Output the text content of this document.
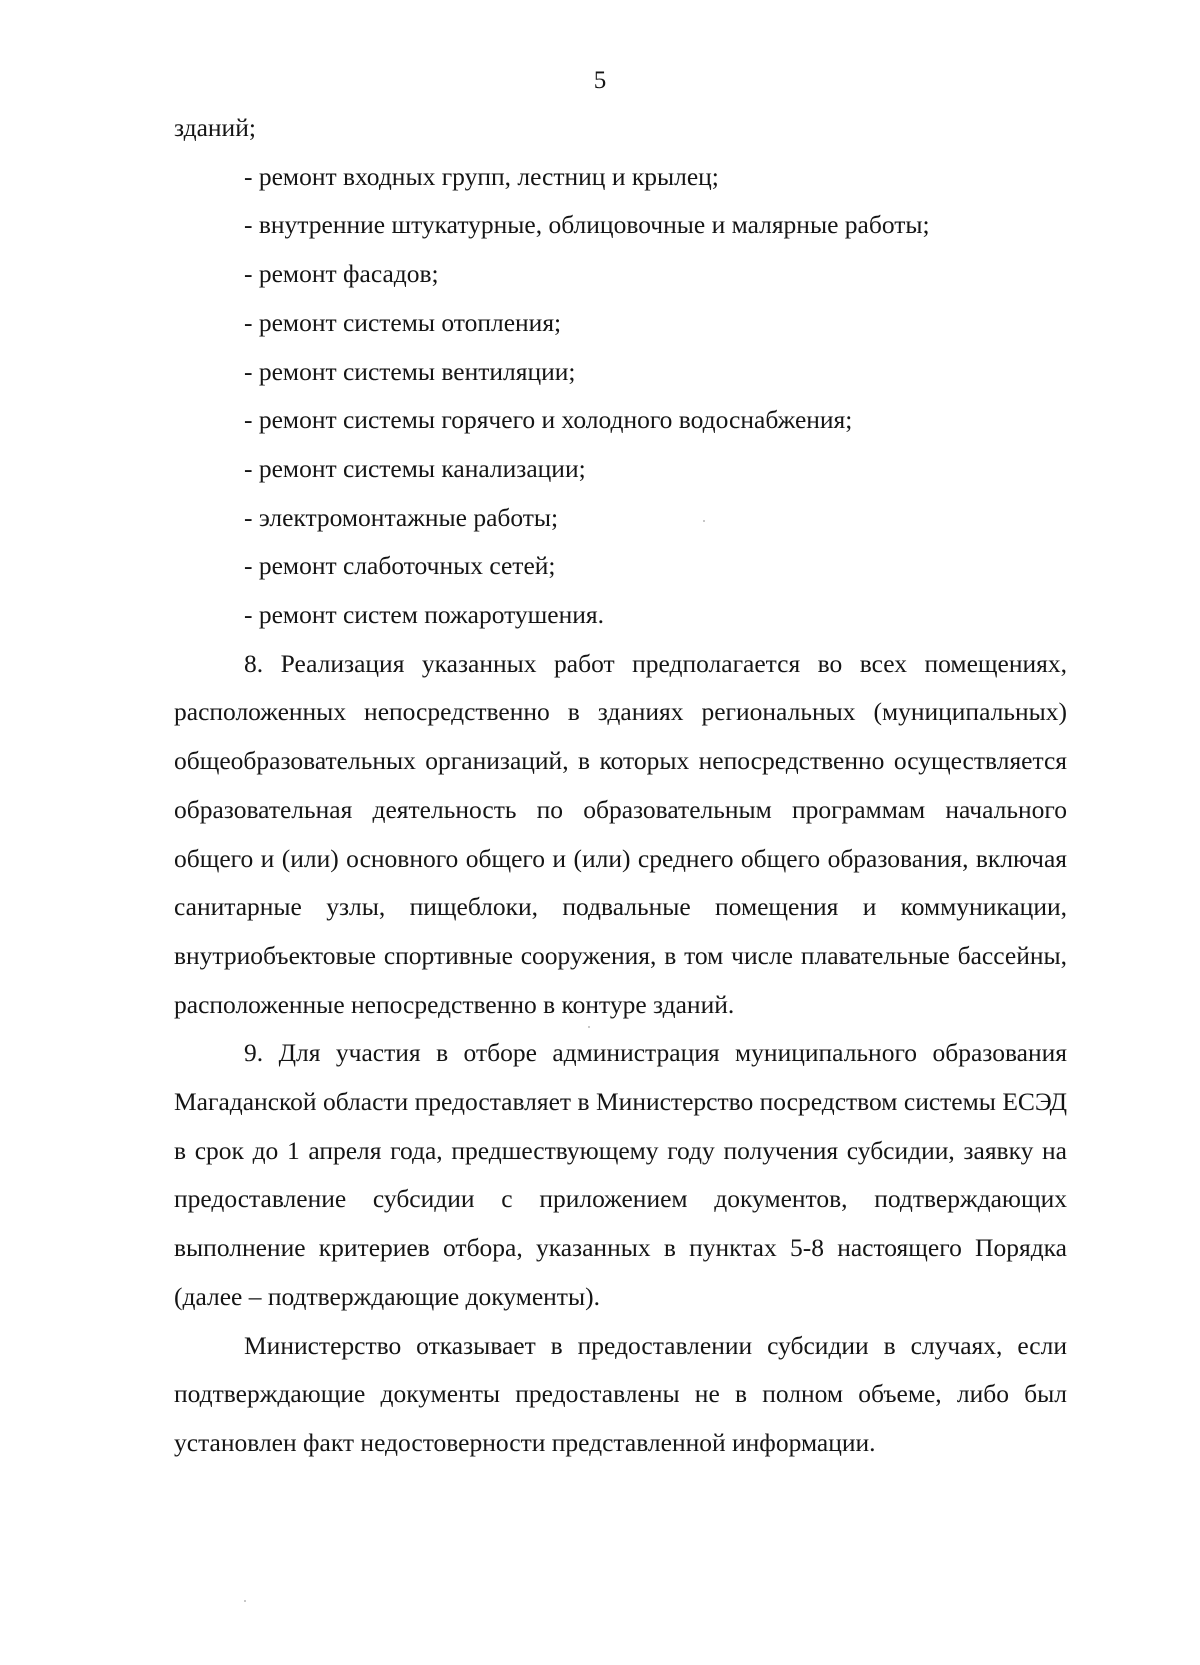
5

зданий;

- ремонт входных групп, лестниц и крылец;

- внутренние штукатурные, облицовочные и малярные работы;

- ремонт фасадов;

- ремонт системы отопления;

- ремонт системы вентиляции;

- ремонт системы горячего и холодного водоснабжения;

- ремонт системы канализации;

- электромонтажные работы;

- ремонт слаботочных сетей;

- ремонт систем пожаротушения.

8. Реализация указанных работ предполагается во всех помещениях, расположенных непосредственно в зданиях региональных (муниципальных) общеобразовательных организаций, в которых непосредственно осуществляется образовательная деятельность по образовательным программам начального общего и (или) основного общего и (или) среднего общего образования, включая санитарные узлы, пищеблоки, подвальные помещения и коммуникации, внутриобъектовые спортивные сооружения, в том числе плавательные бассейны, расположенные непосредственно в контуре зданий.

9. Для участия в отборе администрация муниципального образования Магаданской области предоставляет в Министерство посредством системы ЕСЭД в срок до 1 апреля года, предшествующему году получения субсидии, заявку на предоставление субсидии с приложением документов, подтверждающих выполнение критериев отбора, указанных в пунктах 5-8 настоящего Порядка (далее – подтверждающие документы).

Министерство отказывает в предоставлении субсидии в случаях, если подтверждающие документы предоставлены не в полном объеме, либо был установлен факт недостоверности представленной информации.
